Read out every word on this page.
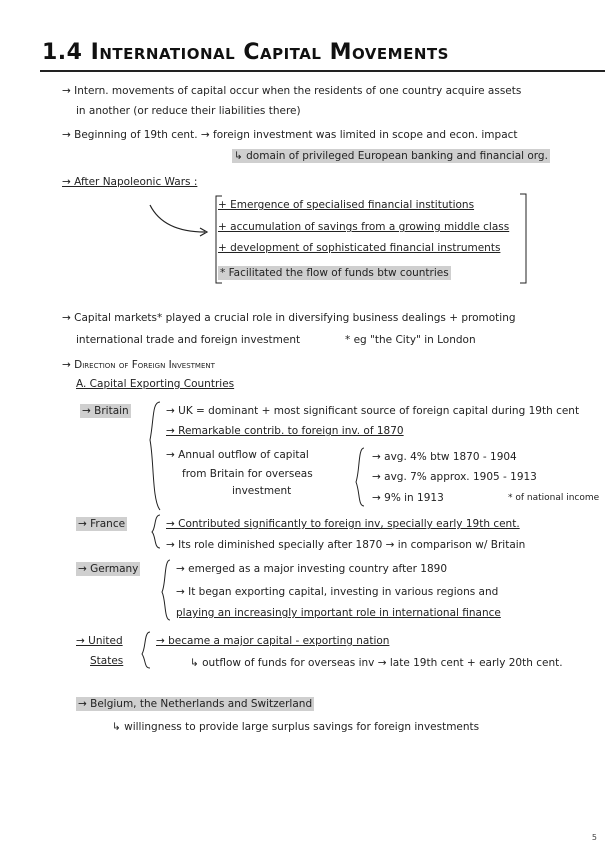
1.4 International Capital Movements
→ Intern. movements of capital occur when the residents of one country acquire assets
in another (or reduce their liabilities there)
→ Beginning of 19th cent. → foreign investment was limited in scope and econ. impact
↳ domain of privileged European banking and financial org.
→ After Napoleonic Wars :
+ Emergence of specialised financial institutions
+ accumulation of savings from a growing middle class
+ development of sophisticated financial instruments
* Facilitated the flow of funds btw countries
→ Capital markets* played a crucial role in diversifying business dealings + promoting
international trade and foreign investment	* eg "the City" in London
→ Direction of Foreign Investment
A. Capital Exporting Countries
→ Britain	→ UK = dominant + most significant source of foreign capital during 19th cent
→ Remarkable contrib. to foreign inv. of 1870
→ Annual outflow of capital
from Britain for overseas
investment
→ avg. 4% btw 1870 - 1904
→ avg. 7% approx. 1905 - 1913
→ 9% in 1913	* of national income
→ France	→ Contributed significantly to foreign inv, specially early 19th cent.
→ Its role diminished specially after 1870 → in comparison w/ Britain
→ Germany	→ emerged as a major investing country after 1890
→ It began exporting capital, investing in various regions and
playing an increasingly important role in international finance
→ United
States
→ became a major capital - exporting nation
↳ outflow of funds for overseas inv → late 19th cent + early 20th cent.
→ Belgium, the Netherlands and Switzerland
↳ willingness to provide large surplus savings for foreign investments
5
